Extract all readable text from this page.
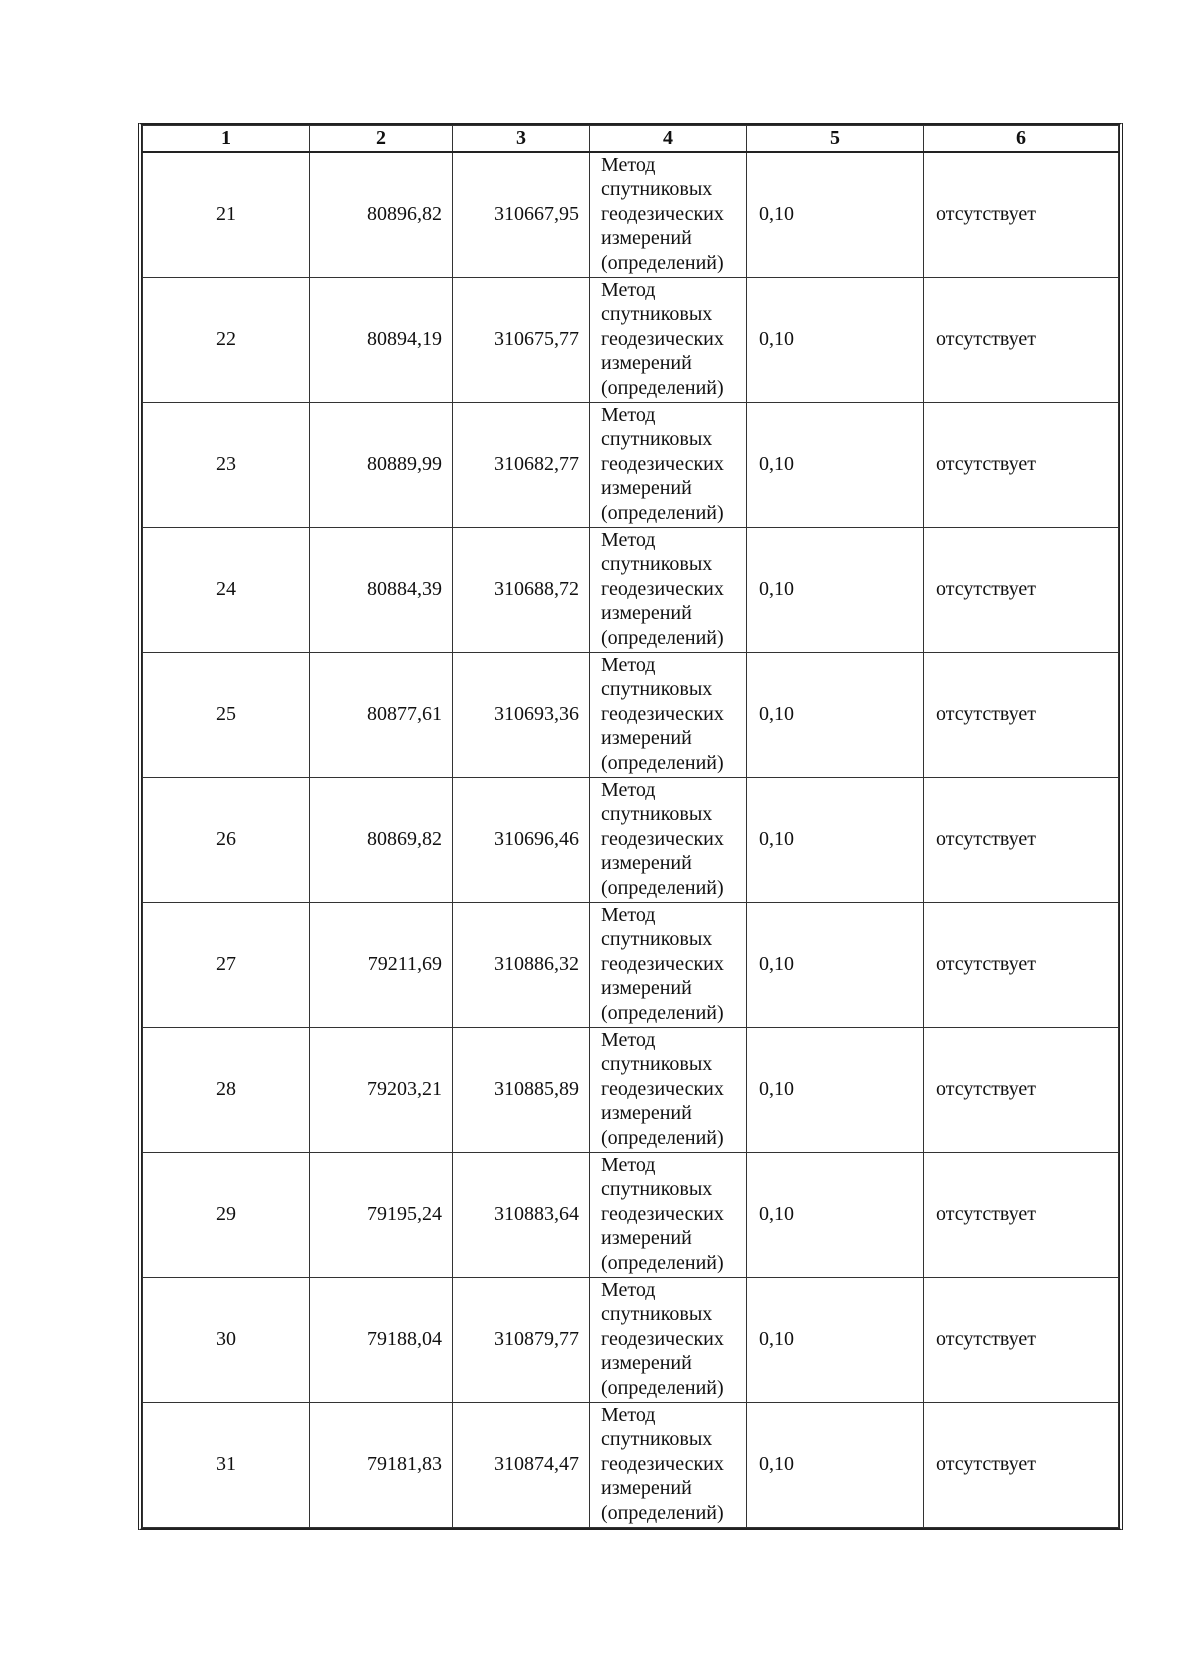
1	2	3	4	5	6
21	80896,82	310667,95	Метод
спутниковых
геодезических
измерений
(определений)	0,10	отсутствует
22	80894,19	310675,77	Метод
спутниковых
геодезических
измерений
(определений)	0,10	отсутствует
23	80889,99	310682,77	Метод
спутниковых
геодезических
измерений
(определений)	0,10	отсутствует
24	80884,39	310688,72	Метод
спутниковых
геодезических
измерений
(определений)	0,10	отсутствует
25	80877,61	310693,36	Метод
спутниковых
геодезических
измерений
(определений)	0,10	отсутствует
26	80869,82	310696,46	Метод
спутниковых
геодезических
измерений
(определений)	0,10	отсутствует
27	79211,69	310886,32	Метод
спутниковых
геодезических
измерений
(определений)	0,10	отсутствует
28	79203,21	310885,89	Метод
спутниковых
геодезических
измерений
(определений)	0,10	отсутствует
29	79195,24	310883,64	Метод
спутниковых
геодезических
измерений
(определений)	0,10	отсутствует
30	79188,04	310879,77	Метод
спутниковых
геодезических
измерений
(определений)	0,10	отсутствует
31	79181,83	310874,47	Метод
спутниковых
геодезических
измерений
(определений)	0,10	отсутствует
